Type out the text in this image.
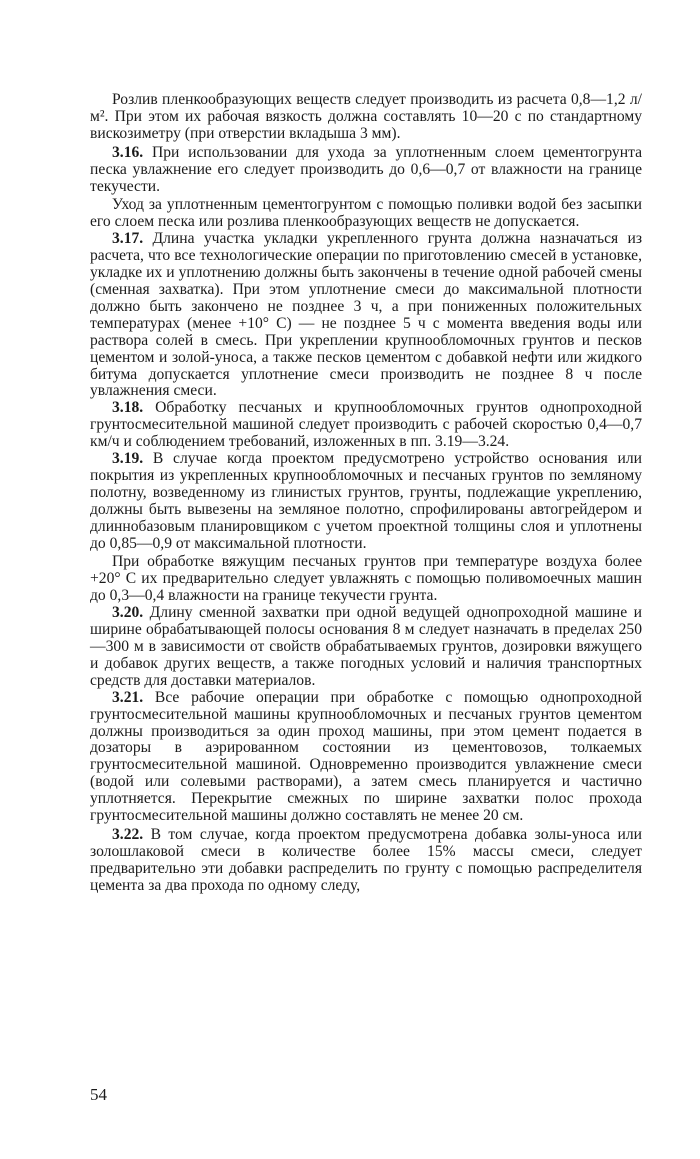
Розлив пленкообразующих веществ следует производить из расчета 0,8—1,2 л/м². При этом их рабочая вязкость должна составлять 10—20 с по стандартному вискозиметру (при отверстии вкладыша 3 мм).

3.16. При использовании для ухода за уплотненным слоем цементогрунта песка увлажнение его следует производить до 0,6—0,7 от влажности на границе текучести.

Уход за уплотненным цементогрунтом с помощью поливки водой без засыпки его слоем песка или розлива пленкообразующих веществ не допускается.

3.17. Длина участка укладки укрепленного грунта должна назначаться из расчета, что все технологические операции по приготовлению смесей в установке, укладке их и уплотнению должны быть закончены в течение одной рабочей смены (сменная захватка). При этом уплотнение смеси до максимальной плотности должно быть закончено не позднее 3 ч, а при пониженных положительных температурах (менее +10° С) — не позднее 5 ч с момента введения воды или раствора солей в смесь. При укреплении крупнообломочных грунтов и песков цементом и золой-уноса, а также песков цементом с добавкой нефти или жидкого битума допускается уплотнение смеси производить не позднее 8 ч после увлажнения смеси.

3.18. Обработку песчаных и крупнообломочных грунтов однопроходной грунтосмесительной машиной следует производить с рабочей скоростью 0,4—0,7 км/ч и соблюдением требований, изложенных в пп. 3.19—3.24.

3.19. В случае когда проектом предусмотрено устройство основания или покрытия из укрепленных крупнообломочных и песчаных грунтов по земляному полотну, возведенному из глинистых грунтов, грунты, подлежащие укреплению, должны быть вывезены на земляное полотно, спрофилированы автогрейдером и длиннобазовым планировщиком с учетом проектной толщины слоя и уплотнены до 0,85—0,9 от максимальной плотности.

При обработке вяжущим песчаных грунтов при температуре воздуха более +20° С их предварительно следует увлажнять с помощью поливомоечных машин до 0,3—0,4 влажности на границе текучести грунта.

3.20. Длину сменной захватки при одной ведущей однопроходной машине и ширине обрабатывающей полосы основания 8 м следует назначать в пределах 250—300 м в зависимости от свойств обрабатываемых грунтов, дозировки вяжущего и добавок других веществ, а также погодных условий и наличия транспортных средств для доставки материалов.

3.21. Все рабочие операции при обработке с помощью однопроходной грунтосмесительной машины крупнообломочных и песчаных грунтов цементом должны производиться за один проход машины, при этом цемент подается в дозаторы в аэрированном состоянии из цементовозов, толкаемых грунтосмесительной машиной. Одновременно производится увлажнение смеси (водой или солевыми растворами), а затем смесь планируется и частично уплотняется. Перекрытие смежных по ширине захватки полос прохода грунтосмесительной машины должно составлять не менее 20 см.

3.22. В том случае, когда проектом предусмотрена добавка золы-уноса или золошлаковой смеси в количестве более 15% массы смеси, следует предварительно эти добавки распределить по грунту с помощью распределителя цемента за два прохода по одному следу,

54
